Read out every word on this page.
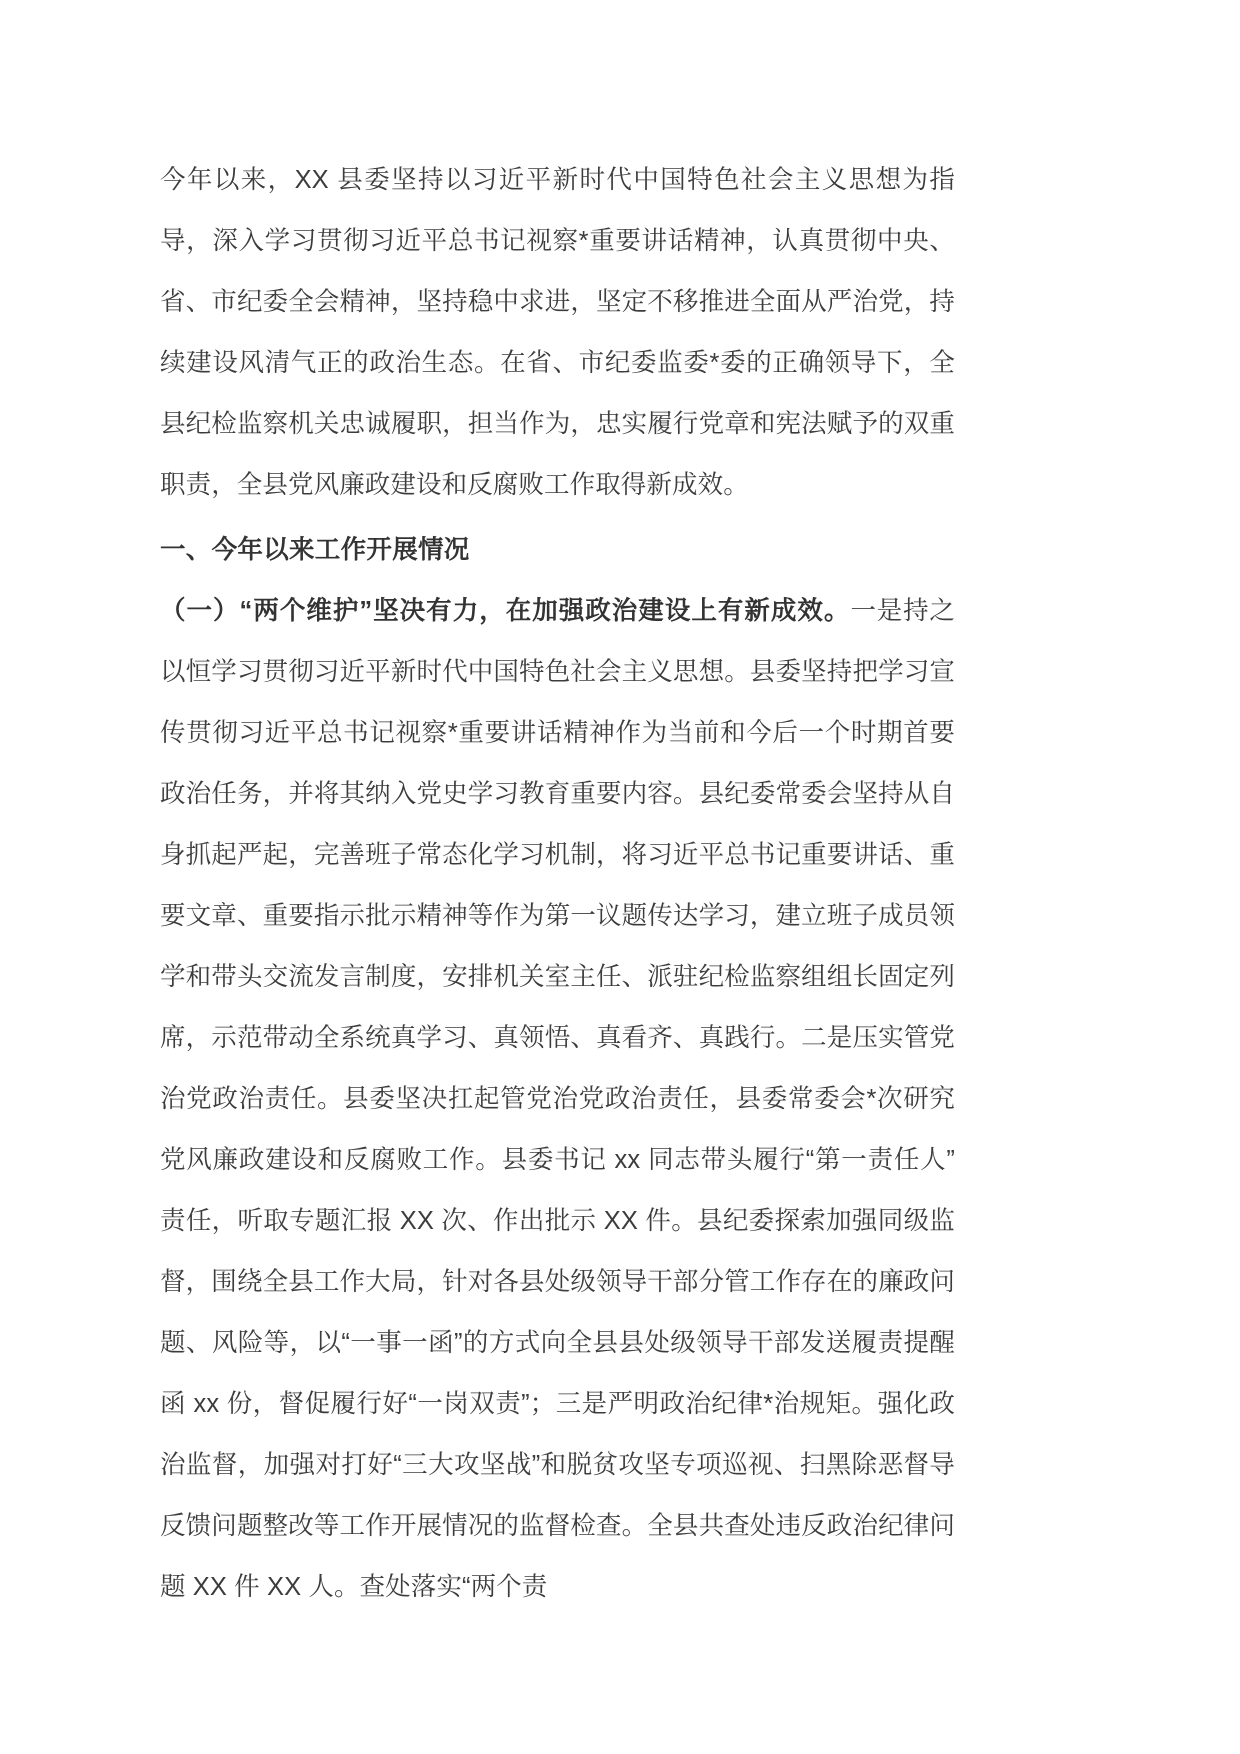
今年以来，XX 县委坚持以习近平新时代中国特色社会主义思想为指导，深入学习贯彻习近平总书记视察*重要讲话精神，认真贯彻中央、省、市纪委全会精神，坚持稳中求进，坚定不移推进全面从严治党，持续建设风清气正的政治生态。在省、市纪委监委*委的正确领导下，全县纪检监察机关忠诚履职，担当作为，忠实履行党章和宪法赋予的双重职责，全县党风廉政建设和反腐败工作取得新成效。

一、今年以来工作开展情况

（一）“两个维护”坚决有力，在加强政治建设上有新成效。一是持之以恒学习贯彻习近平新时代中国特色社会主义思想。县委坚持把学习宣传贯彻习近平总书记视察*重要讲话精神作为当前和今后一个时期首要政治任务，并将其纳入党史学习教育重要内容。县纪委常委会坚持从自身抓起严起，完善班子常态化学习机制，将习近平总书记重要讲话、重要文章、重要指示批示精神等作为第一议题传达学习，建立班子成员领学和带头交流发言制度，安排机关室主任、派驻纪检监察组组长固定列席，示范带动全系统真学习、真领悟、真看齐、真践行。二是压实管党治党政治责任。县委坚决扛起管党治党政治责任，县委常委会*次研究党风廉政建设和反腐败工作。县委书记 xx 同志带头履行“第一责任人”责任，听取专题汇报 XX 次、作出批示 XX 件。县纪委探索加强同级监督，围绕全县工作大局，针对各县处级领导干部分管工作存在的廉政问题、风险等，以“一事一函”的方式向全县县处级领导干部发送履责提醒函 xx 份，督促履行好“一岗双责”；三是严明政治纪律*治规矩。强化政治监督，加强对打好“三大攻坚战”和脱贫攻坚专项巡视、扫黑除恶督导反馈问题整改等工作开展情况的监督检查。全县共查处违反政治纪律问题 XX 件 XX 人。查处落实“两个责
